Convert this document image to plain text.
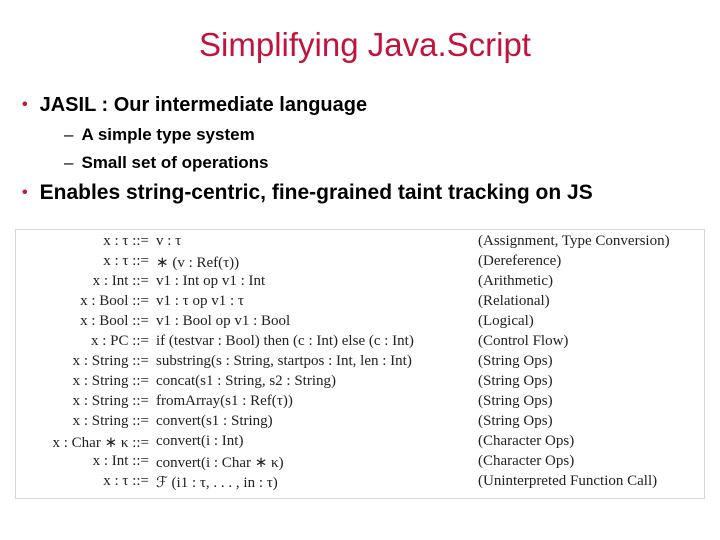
Simplifying Java.Script
• JASIL : Our intermediate language
– A simple type system
– Small set of operations
• Enables string-centric, fine-grained taint tracking on JS
x : τ ::= v : τ	(Assignment, Type Conversion)
x : τ ::= ∗ (v : Ref(τ))	(Dereference)
x : Int ::= v1 : Int op v1 : Int	(Arithmetic)
x : Bool ::= v1 : τ op v1 : τ	(Relational)
x : Bool ::= v1 : Bool op v1 : Bool	(Logical)
x : PC ::= if (testvar : Bool) then (c : Int) else (c : Int)	(Control Flow)
x : String ::= substring(s : String, startpos : Int, len : Int)	(String Ops)
x : String ::= concat(s1 : String, s2 : String)	(String Ops)
x : String ::= fromArray(s1 : Ref(τ))	(String Ops)
x : String ::= convert(s1 : String)	(String Ops)
x : Char ∗ κ ::= convert(i : Int)	(Character Ops)
x : Int ::= convert(i : Char ∗ κ)	(Character Ops)
x : τ ::= ℱ (i1 : τ, . . . , in : τ)	(Uninterpreted Function Call)
